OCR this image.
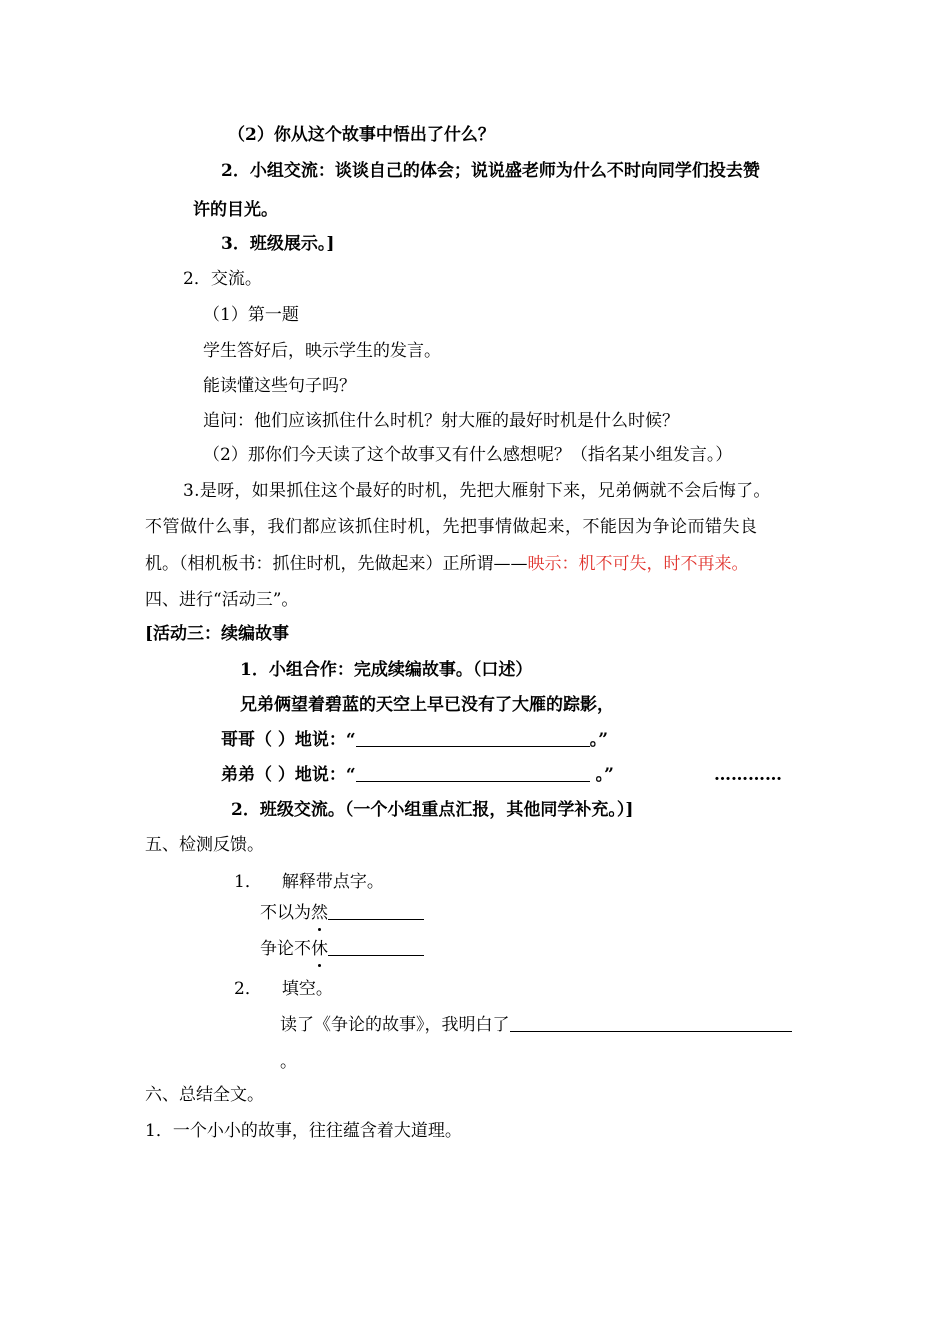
（2）你从这个故事中悟出了什么？
2．小组交流：谈谈自己的体会；说说盛老师为什么不时向同学们投去赞
许的目光。
3．班级展示。]
2．交流。
（1）第一题
学生答好后，映示学生的发言。
能读懂这些句子吗？
追问：他们应该抓住什么时机？射大雁的最好时机是什么时候？
（2）那你们今天读了这个故事又有什么感想呢？（指名某小组发言。）
3.是呀，如果抓住这个最好的时机，先把大雁射下来，兄弟俩就不会后悔了。
不管做什么事，我们都应该抓住时机，先把事情做起来，不能因为争论而错失良
机。（相机板书：抓住时机，先做起来）正所谓——映示：机不可失，时不再来。
四、进行“活动三”。
[活动三：续编故事
1．小组合作：完成续编故事。（口述）
兄弟俩望着碧蓝的天空上早已没有了大雁的踪影，
哥哥（ ）地说：“	。”
弟弟（ ）地说：“	。”	…………
2．班级交流。（一个小组重点汇报，其他同学补充。）]
五、检测反馈。
1． 解释带点字。
不以为然
争论不休
2． 填空。
读了《争论的故事》，我明白了
。
六、总结全文。
1．一个小小的故事，往往蕴含着大道理。
